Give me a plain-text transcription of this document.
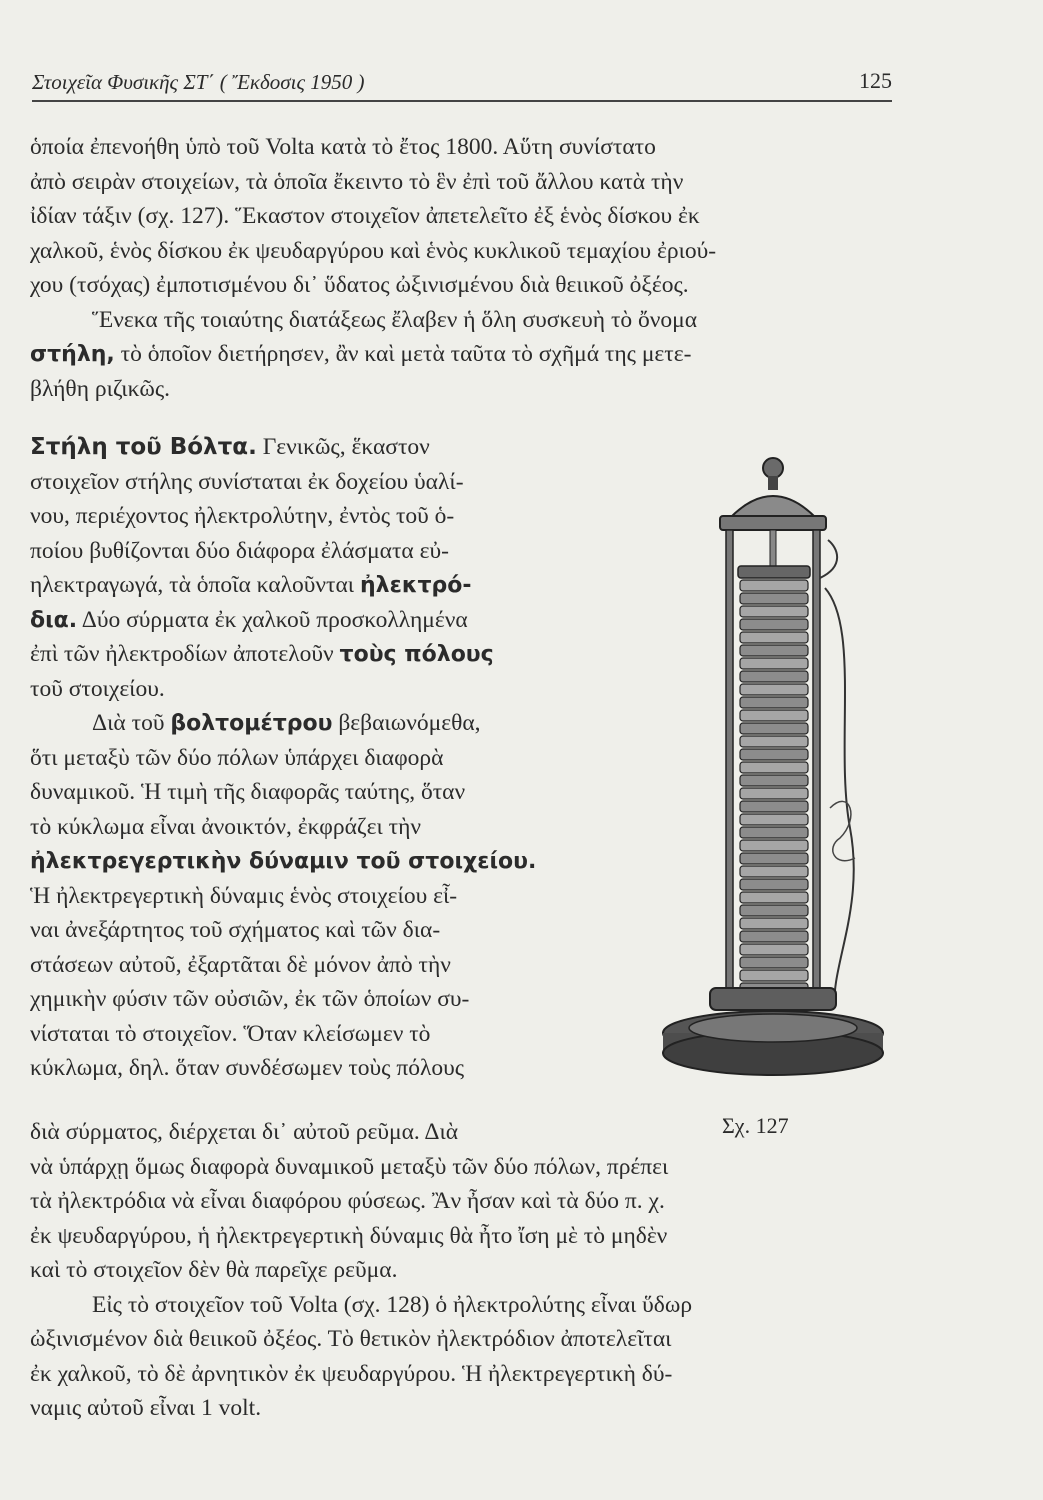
Στοιχεῖα Φυσικῆς ΣΤ΄ ( Ἔκδοσις 1950 )	125
ὁποία ἐπενοήθη ὑπὸ τοῦ Volta κατὰ τὸ ἔτος 1800. Αὕτη συνίστατο
ἀπὸ σειρὰν στοιχείων, τὰ ὁποῖα ἔκειντο τὸ ἓν ἐπὶ τοῦ ἄλλου κατὰ τὴν
ἰδίαν τάξιν (σχ. 127). Ἕκαστον στοιχεῖον ἀπετελεῖτο ἐξ ἑνὸς δίσκου ἐκ
χαλκοῦ, ἑνὸς δίσκου ἐκ ψευδαργύρου καὶ ἑνὸς κυκλικοῦ τεμαχίου ἐριού-
χου (τσόχας) ἐμποτισμένου δι᾽ ὕδατος ὠξινισμένου διὰ θειικοῦ ὀξέος.
Ἕνεκα τῆς τοιαύτης διατάξεως ἔλαβεν ἡ ὅλη συσκευὴ τὸ ὄνομα
στήλη, τὸ ὁποῖον διετήρησεν, ἂν καὶ μετὰ ταῦτα τὸ σχῆμά της μετε-
βλήθη ριζικῶς.
Στήλη τοῦ Βόλτα. Γενικῶς, ἕκαστον
στοιχεῖον στήλης συνίσταται ἐκ δοχείου ὑαλί-
νου, περιέχοντος ἠλεκτρολύτην, ἐντὸς τοῦ ὁ-
ποίου βυθίζονται δύο διάφορα ἐλάσματα εὐ-
ηλεκτραγωγά, τὰ ὁποῖα καλοῦνται ἠλεκτρό-
δια. Δύο σύρματα ἐκ χαλκοῦ προσκολλημένα
ἐπὶ τῶν ἠλεκτροδίων ἀποτελοῦν τοὺς πόλους
τοῦ στοιχείου.
Διὰ τοῦ βολτομέτρου βεβαιωνόμεθα,
ὅτι μεταξὺ τῶν δύο πόλων ὑπάρχει διαφορὰ
δυναμικοῦ. Ἡ τιμὴ τῆς διαφορᾶς ταύτης, ὅταν
τὸ κύκλωμα εἶναι ἀνοικτόν, ἐκφράζει τὴν
ἠλεκτρεγερτικὴν δύναμιν τοῦ στοιχείου.
Ἡ ἠλεκτρεγερτικὴ δύναμις ἑνὸς στοιχείου εἶ-
ναι ἀνεξάρτητος τοῦ σχήματος καὶ τῶν δια-
στάσεων αὐτοῦ, ἐξαρτᾶται δὲ μόνον ἀπὸ τὴν
χημικὴν φύσιν τῶν οὐσιῶν, ἐκ τῶν ὁποίων συ-
νίσταται τὸ στοιχεῖον. Ὅταν κλείσωμεν τὸ
κύκλωμα, δηλ. ὅταν συνδέσωμεν τοὺς πόλους
Σχ. 127
διὰ σύρματος, διέρχεται δι᾽ αὐτοῦ ρεῦμα. Διὰ
νὰ ὑπάρχῃ ὅμως διαφορὰ δυναμικοῦ μεταξὺ τῶν δύο πόλων, πρέπει
τὰ ἠλεκτρόδια νὰ εἶναι διαφόρου φύσεως. Ἂν ἦσαν καὶ τὰ δύο π. χ.
ἐκ ψευδαργύρου, ἡ ἠλεκτρεγερτικὴ δύναμις θὰ ἦτο ἴση μὲ τὸ μηδὲν
καὶ τὸ στοιχεῖον δὲν θὰ παρεῖχε ρεῦμα.
Εἰς τὸ στοιχεῖον τοῦ Volta (σχ. 128) ὁ ἠλεκτρολύτης εἶναι ὕδωρ
ὠξινισμένον διὰ θειικοῦ ὀξέος. Τὸ θετικὸν ἠλεκτρόδιον ἀποτελεῖται
ἐκ χαλκοῦ, τὸ δὲ ἀρνητικὸν ἐκ ψευδαργύρου. Ἡ ἠλεκτρεγερτικὴ δύ-
ναμις αὐτοῦ εἶναι 1 volt.
